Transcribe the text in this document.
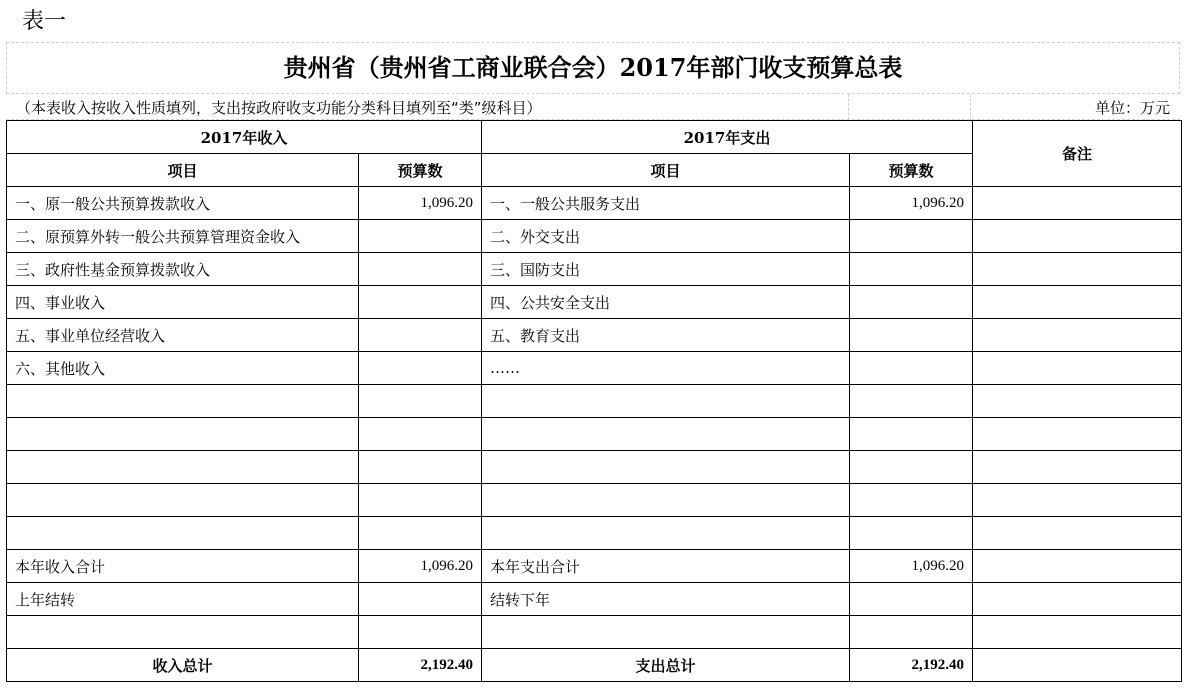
表一
贵州省（贵州省工商业联合会）2017年部门收支预算总表
（本表收入按收入性质填列，支出按政府收支功能分类科目填列至“类”级科目）	单位：万元
2017年收入		2017年支出		备注
项目	预算数	项目	预算数	
一、原一般公共预算拨款收入	1,096.20	一、一般公共服务支出	1,096.20	
二、原预算外转一般公共预算管理资金收入		二、外交支出		
三、政府性基金预算拨款收入		三、国防支出		
四、事业收入		四、公共安全支出		
五、事业单位经营收入		五、教育支出		
六、其他收入		……		

本年收入合计	1,096.20	本年支出合计	1,096.20	
上年结转		结转下年		

收入总计	2,192.40	支出总计	2,192.40	
